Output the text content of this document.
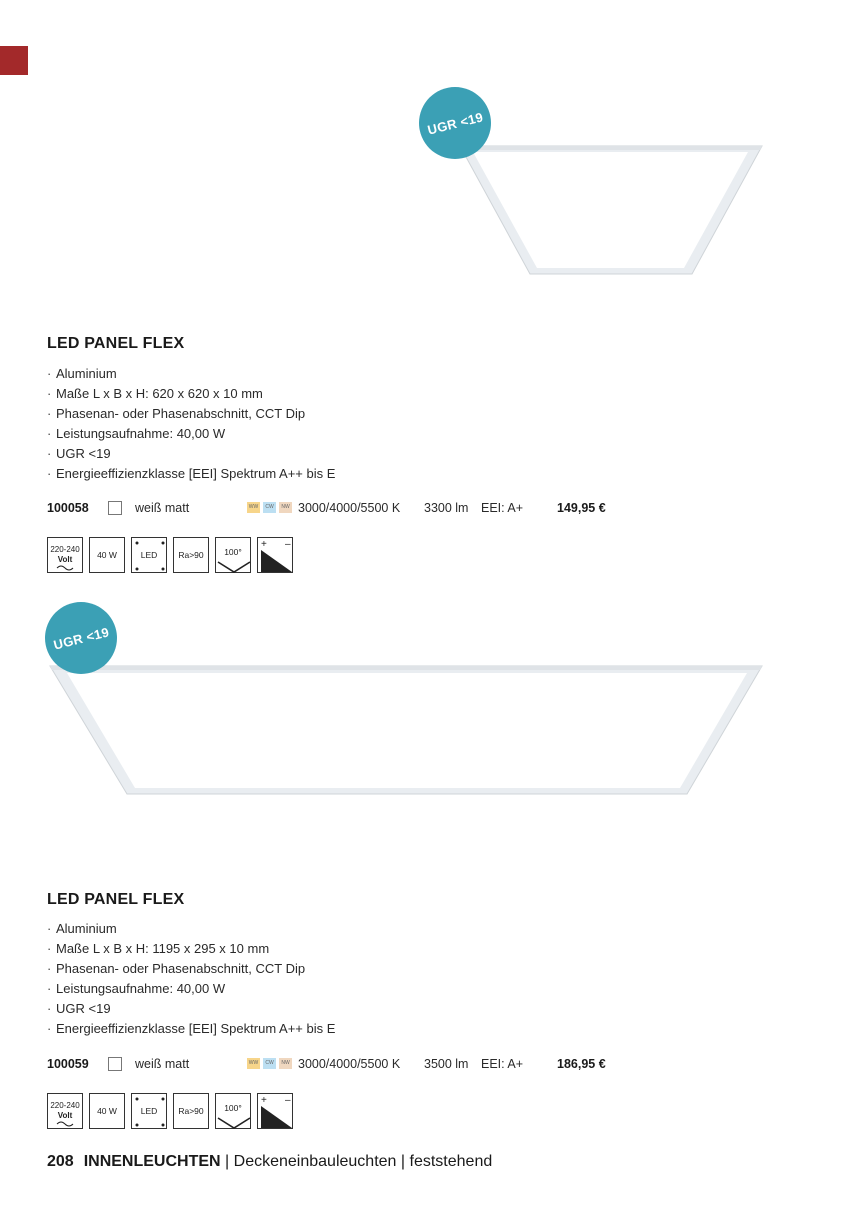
UGR <19
LED PANEL FLEX
· Aluminium
· Maße L x B x H: 620 x 620 x 10 mm
· Phasenan- oder Phasenabschnitt, CCT Dip
· Leistungsaufnahme: 40,00 W
· UGR <19
· Energieeffizienzklasse [EEI] Spektrum A++ bis E
100058	weiß matt	WW	CW	NW 3000/4000/5500 K 3300 lm EEI: A+	149,95 €
220-240
Volt	40 W	LED Ra>90 100°
+ –
UGR <19
LED PANEL FLEX
· Aluminium
· Maße L x B x H: 1195 x 295 x 10 mm
· Phasenan- oder Phasenabschnitt, CCT Dip
· Leistungsaufnahme: 40,00 W
· UGR <19
· Energieeffizienzklasse [EEI] Spektrum A++ bis E
100059	weiß matt	WW	CW	NW 3000/4000/5500 K 3500 lm EEI: A+	186,95 €
220-240
Volt	40 W	LED Ra>90 100°
+ –
208 INNENLEUCHTEN | Deckeneinbauleuchten | feststehend
